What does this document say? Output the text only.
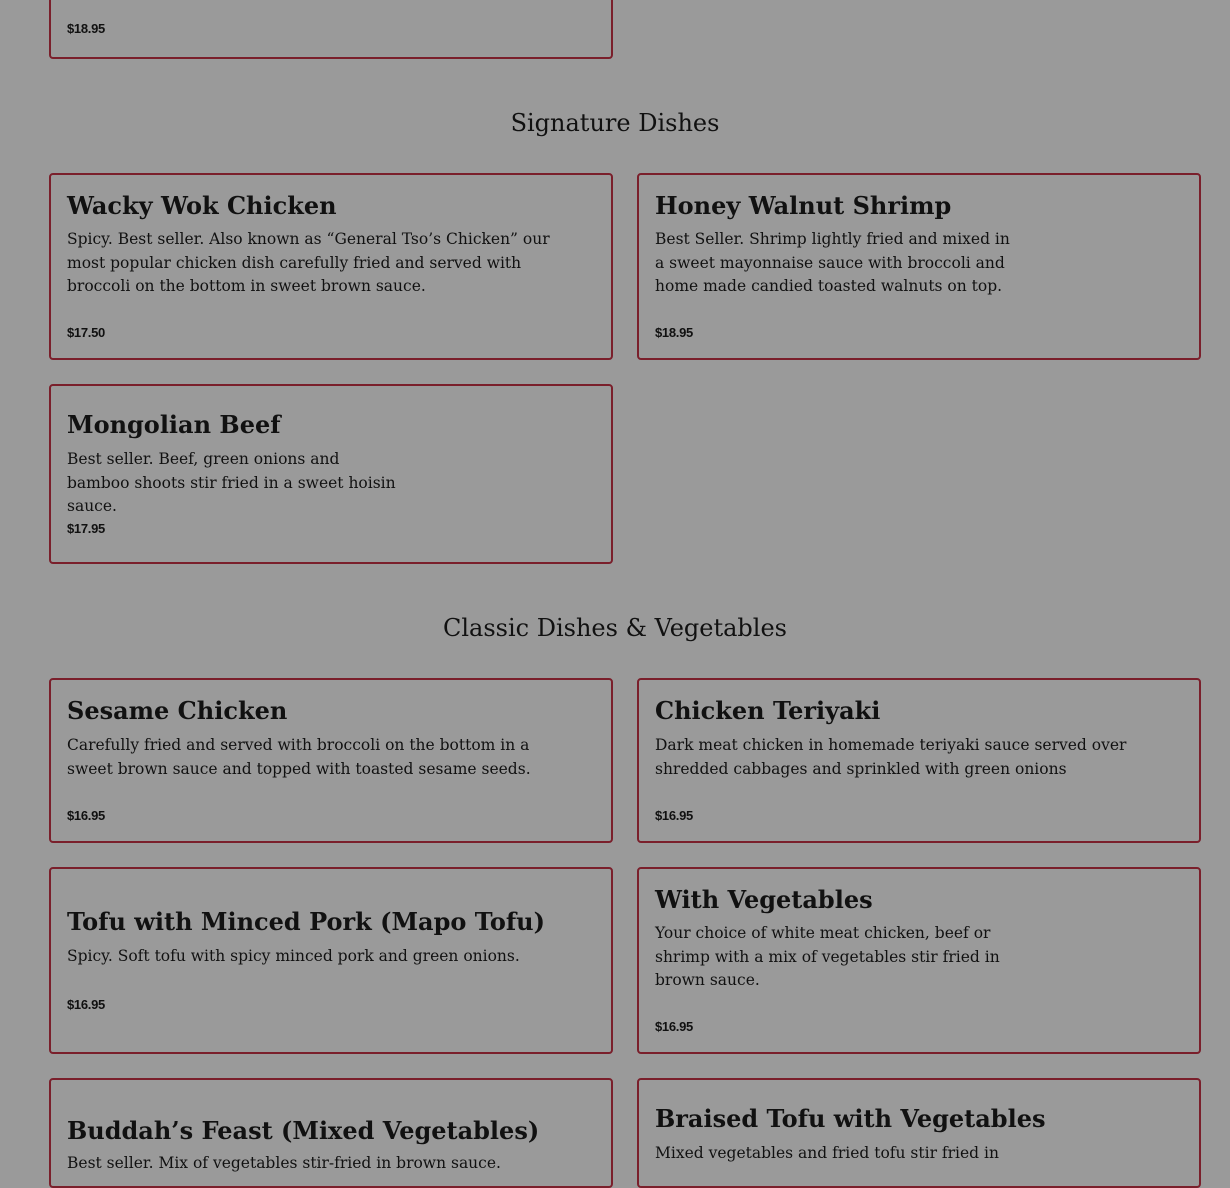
$18.95

Signature Dishes
Wacky Wok Chicken

Spicy. Best seller. Also known as “General Tso’s Chicken” our most popular chicken dish carefully fried and served with broccoli on the bottom in sweet brown sauce.

$17.50

Honey Walnut Shrimp

Best Seller. Shrimp lightly fried and mixed in a sweet mayonnaise sauce with broccoli and home made candied toasted walnuts on top.

$18.95

Mongolian Beef

Best seller. Beef, green onions and bamboo shoots stir fried in a sweet hoisin sauce.

$17.95

Classic Dishes & Vegetables
Sesame Chicken

Carefully fried and served with broccoli on the bottom in a sweet brown sauce and topped with toasted sesame seeds.

$16.95

Chicken Teriyaki

Dark meat chicken in homemade teriyaki sauce served over shredded cabbages and sprinkled with green onions

$16.95

Tofu with Minced Pork (Mapo Tofu)

Spicy. Soft tofu with spicy minced pork and green onions.

$16.95

With Vegetables

Your choice of white meat chicken, beef or shrimp with a mix of vegetables stir fried in brown sauce.

$16.95

Buddah’s Feast (Mixed Vegetables)

Best seller. Mix of vegetables stir-fried in brown sauce.

Braised Tofu with Vegetables

Mixed vegetables and fried tofu stir fried in
